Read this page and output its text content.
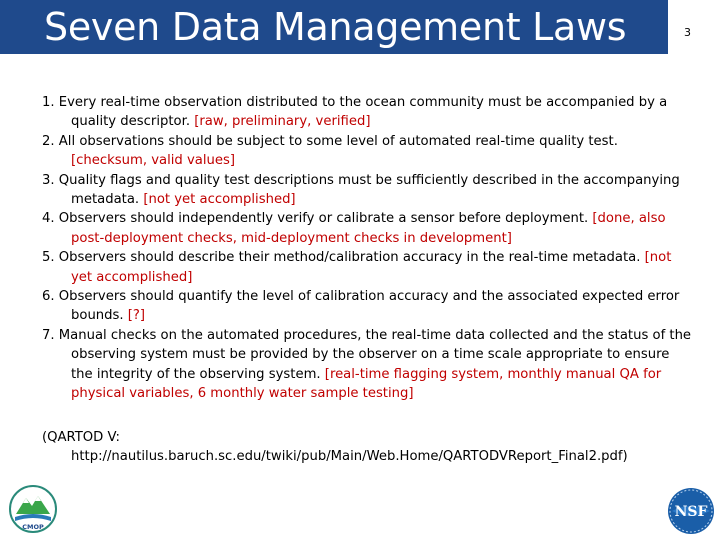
Seven Data Management Laws	3
1. Every real-time observation distributed to the ocean community must be accompanied by a quality descriptor. [raw, preliminary, verified]
2. All observations should be subject to some level of automated real-time quality test. [checksum, valid values]
3. Quality flags and quality test descriptions must be sufficiently described in the accompanying metadata. [not yet accomplished]
4. Observers should independently verify or calibrate a sensor before deployment. [done, also post-deployment checks, mid-deployment checks in development]
5. Observers should describe their method/calibration accuracy in the real-time metadata. [not yet accomplished]
6. Observers should quantify the level of calibration accuracy and the associated expected error bounds. [?]
7. Manual checks on the automated procedures, the real-time data collected and the status of the observing system must be provided by the observer on a time scale appropriate to ensure the integrity of the observing system. [real-time flagging system, monthly manual QA for physical variables, 6 monthly water sample testing]
(QARTOD V:
http://nautilus.baruch.sc.edu/twiki/pub/Main/Web.Home/QARTODVReport_Final2.pdf)
CMOP
NSF
